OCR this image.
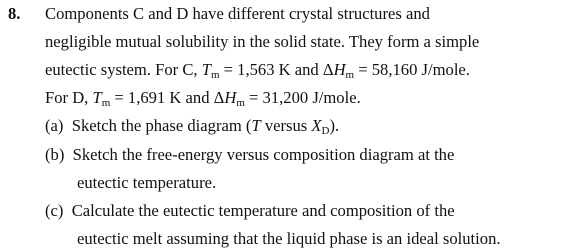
8. Components C and D have different crystal structures and
negligible mutual solubility in the solid state. They form a simple
eutectic system. For C, $T_m = 1,563$ K and $\Delta H_m = 58,160$ J/mole.
For D, $T_m = 1,691$ K and $\Delta H_m = 31,200$ J/mole.
(a) Sketch the phase diagram (T versus $X_D$).
(b) Sketch the free-energy versus composition diagram at the
eutectic temperature.
(c) Calculate the eutectic temperature and composition of the
eutectic melt assuming that the liquid phase is an ideal solution.
